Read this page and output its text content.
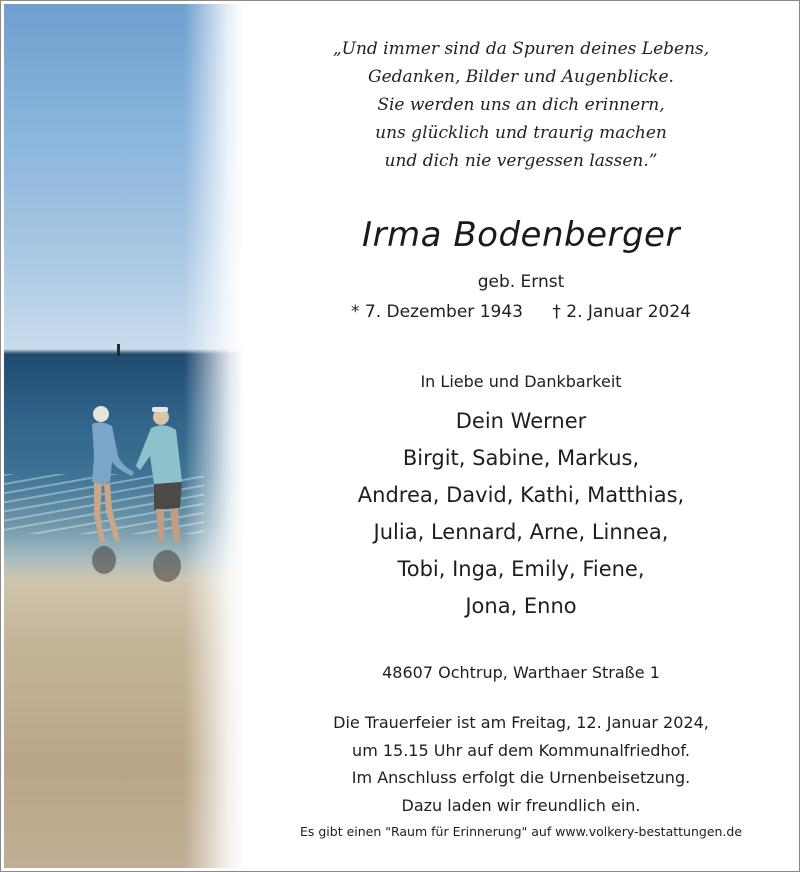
„Und immer sind da Spuren deines Lebens,
Gedanken, Bilder und Augenblicke.
Sie werden uns an dich erinnern,
uns glücklich und traurig machen
und dich nie vergessen lassen.”
Irma Bodenberger
geb. Ernst
* 7. Dezember 1943 † 2. Januar 2024
In Liebe und Dankbarkeit
Dein Werner
Birgit, Sabine, Markus,
Andrea, David, Kathi, Matthias,
Julia, Lennard, Arne, Linnea,
Tobi, Inga, Emily, Fiene,
Jona, Enno
48607 Ochtrup, Warthaer Straße 1
Die Trauerfeier ist am Freitag, 12. Januar 2024,
um 15.15 Uhr auf dem Kommunalfriedhof.
Im Anschluss erfolgt die Urnenbeisetzung.
Dazu laden wir freundlich ein.
Es gibt einen "Raum für Erinnerung" auf www.volkery-bestattungen.de
